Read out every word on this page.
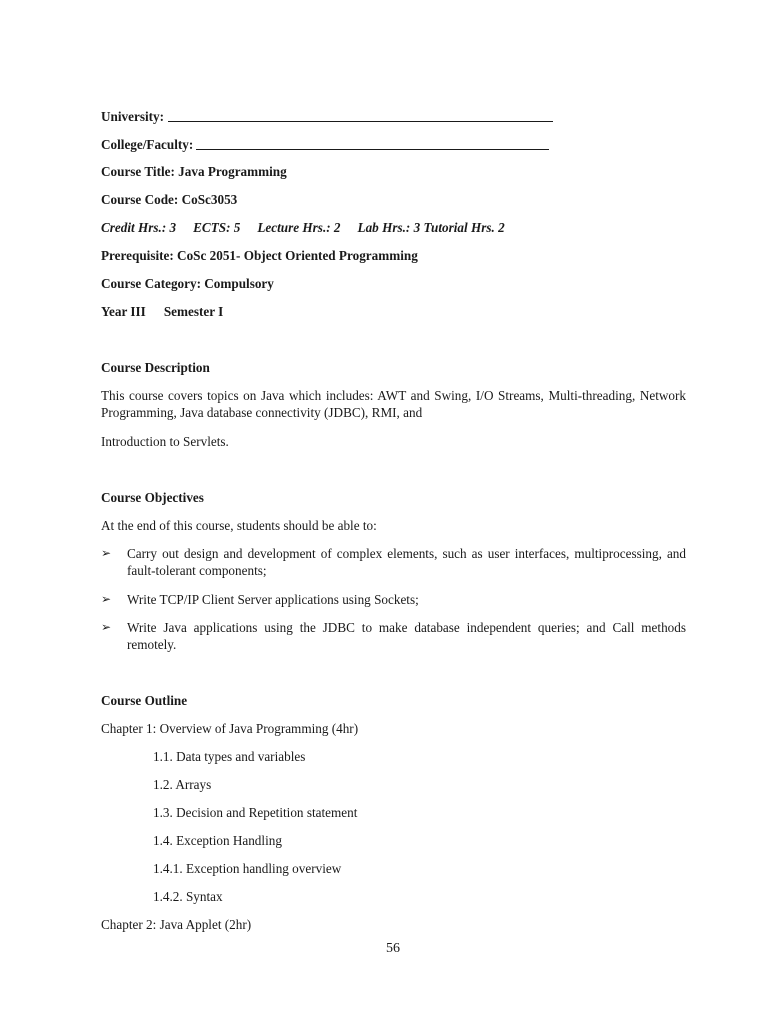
University:
College/Faculty:
Course Title: Java Programming
Course Code: CoSc3053
Credit Hrs.: 3 ECTS: 5 Lecture Hrs.: 2 Lab Hrs.: 3 Tutorial Hrs. 2
Prerequisite: CoSc 2051- Object Oriented Programming
Course Category: Compulsory
Year III Semester I
Course Description
This course covers topics on Java which includes: AWT and Swing, I/O Streams, Multi-threading, Network Programming, Java database connectivity (JDBC), RMI, and
Introduction to Servlets.
Course Objectives
At the end of this course, students should be able to:
➢ Carry out design and development of complex elements, such as user interfaces, multiprocessing, and fault-tolerant components;
➢ Write TCP/IP Client Server applications using Sockets;
➢ Write Java applications using the JDBC to make database independent queries; and Call methods remotely.
Course Outline
Chapter 1: Overview of Java Programming (4hr)
1.1. Data types and variables
1.2. Arrays
1.3. Decision and Repetition statement
1.4. Exception Handling
1.4.1. Exception handling overview
1.4.2. Syntax
Chapter 2: Java Applet (2hr)
56
